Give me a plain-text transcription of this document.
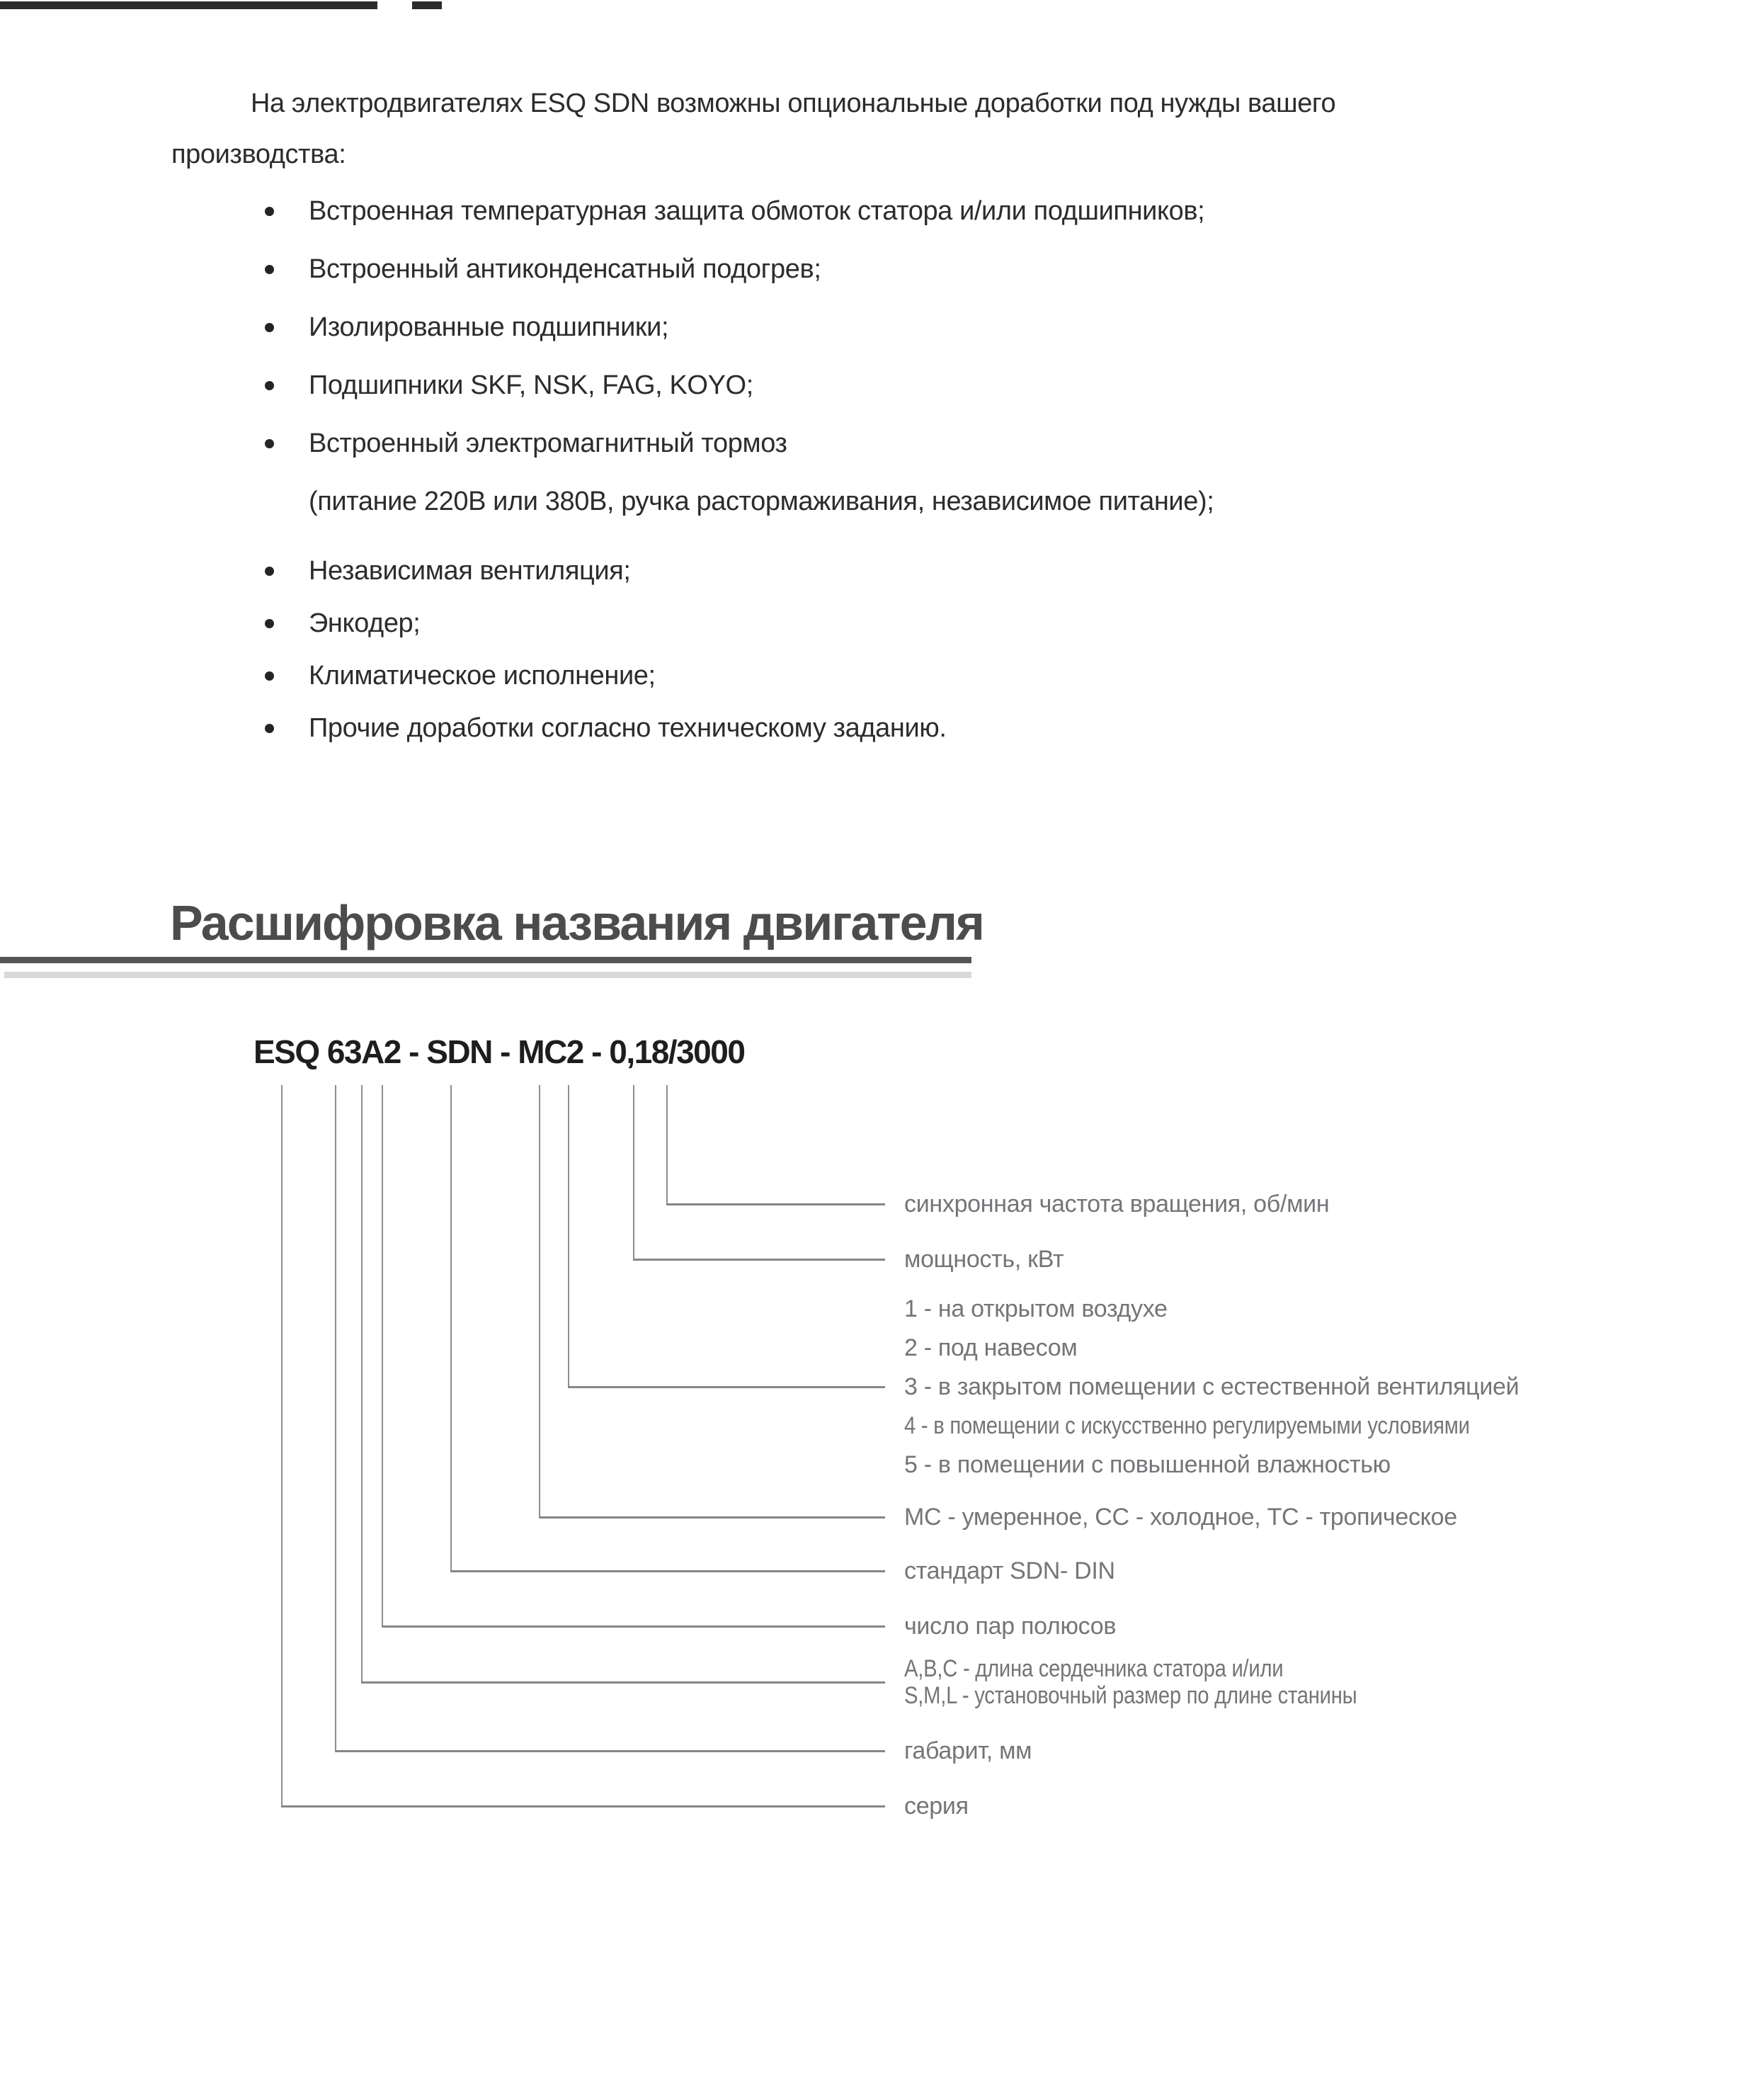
На электродвигателях ESQ SDN возможны опциональные доработки под нужды вашего производства:
Встроенная температурная защита обмоток статора и/или подшипников;
Встроенный антиконденсатный подогрев;
Изолированные подшипники;
Подшипники SKF, NSK, FAG, KOYO;
Встроенный электромагнитный тормоз
(питание 220В или 380В, ручка растормаживания, независимое питание);
Независимая вентиляция;
Энкодер;
Климатическое исполнение;
Прочие доработки согласно техническому заданию.
Расшифровка названия двигателя
ESQ 63A2 - SDN - MC2 - 0,18/3000
синхронная частота вращения, об/мин
мощность, кВт
1 - на открытом воздухе
2 - под навесом
3 - в закрытом помещении с естественной вентиляцией
4 - в помещении с искусственно регулируемыми условиями
5 - в помещении с повышенной влажностью
МС - умеренное, СС - холодное, ТС - тропическое
стандарт SDN- DIN
число пар полюсов
A,B,C - длина сердечника статора и/или
S,M,L - установочный размер по длине станины
габарит, мм
серия
